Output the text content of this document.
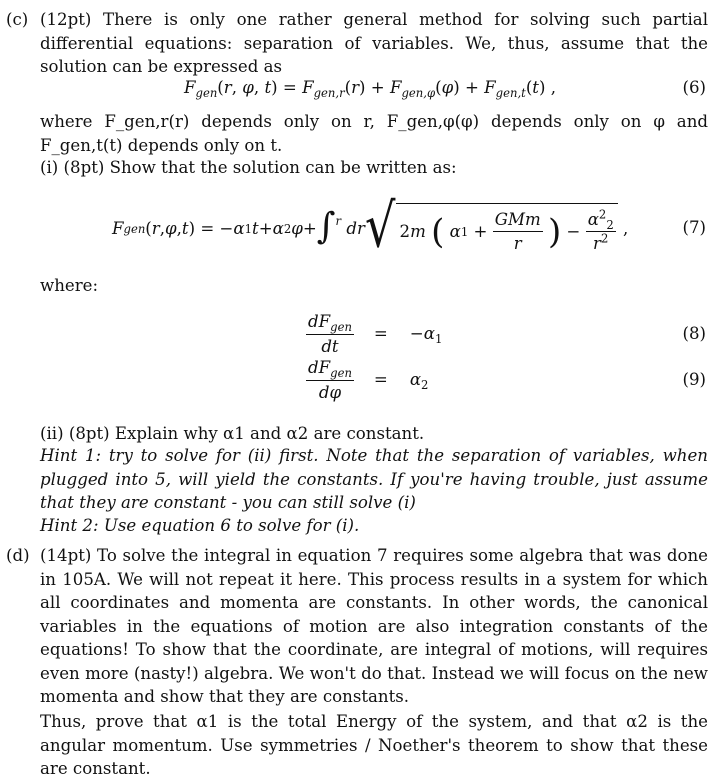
(c) (12pt) There is only one rather general method for solving such partial differential equations: separation of variables. We, thus, assume that the solution can be expressed as
$F_{gen}(r$, φ, $t) = F_{gen,r}(r) + F_{gen,\varphi}(\varphi) + F_{gen,t}(t)$ ,	(6)
where F_gen,r(r) depends only on r, F_gen,φ(φ) depends only on φ and F_gen,t(t) depends only on t.
(i) (8pt) Show that the solution can be written as:
F gen ( r , φ , t ) = − α 1 t + α 2 φ + ∫$^r$
dr √ 2 m
(
α $1 + \frac{\text{GMm}}{r}$
) − $\frac{\alpha^2_2}{r^2}$ ,	(7)
where:
$\frac{dF_{gen}}{dt} = -\alpha_1$	(8)
$\frac{dF_{gen}}{d\varphi} = \alpha_2$	(9)
(ii) (8pt) Explain why α1 and α2 are constant.
Hint 1: try to solve for (ii) first. Note that the separation of variables, when plugged into 5, will yield the constants. If you're having trouble, just assume that they are constant - you can still solve (i)
Hint 2: Use equation 6 to solve for (i).
(d) (14pt) To solve the integral in equation 7 requires some algebra that was done in 105A. We will not repeat it here. This process results in a system for which all coordinates and momenta are constants. In other words, the canonical variables in the equations of motion are also integration constants of the equations! To show that the coordinate, are integral of motions, will requires even more (nasty!) algebra. We won't do that. Instead we will focus on the new momenta and show that they are constants.
Thus, prove that α1 is the total Energy of the system, and that α2 is the angular momentum. Use symmetries / Noether's theorem to show that these are constant.
